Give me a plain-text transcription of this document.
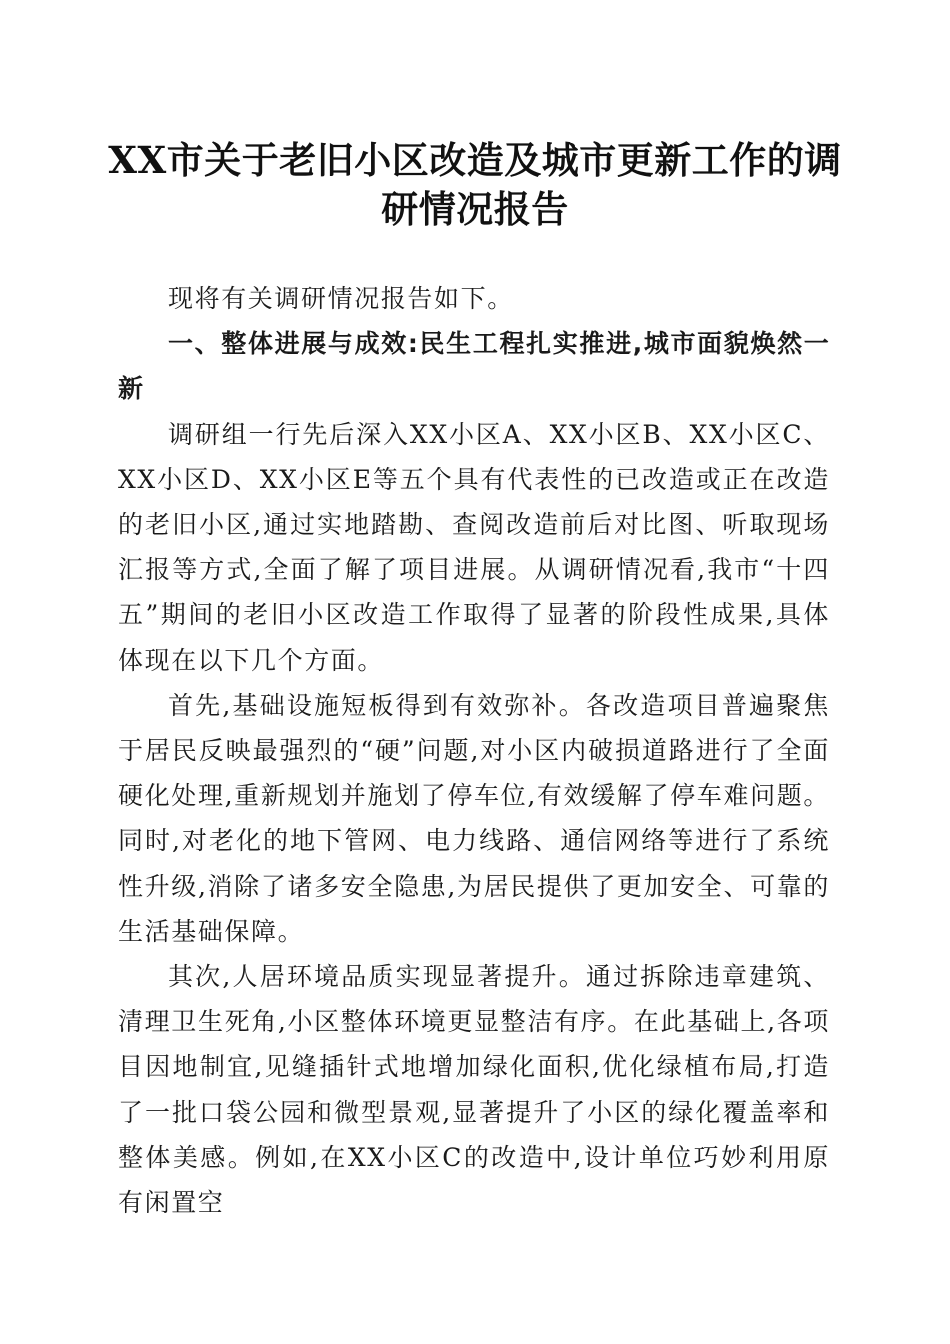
XX市关于老旧小区改造及城市更新工作的调研情况报告

现将有关调研情况报告如下。

一、整体进展与成效:民生工程扎实推进,城市面貌焕然一新

调研组一行先后深入XX小区A、XX小区B、XX小区C、XX小区D、XX小区E等五个具有代表性的已改造或正在改造的老旧小区,通过实地踏勘、查阅改造前后对比图、听取现场汇报等方式,全面了解了项目进展。从调研情况看,我市“十四五”期间的老旧小区改造工作取得了显著的阶段性成果,具体体现在以下几个方面。

首先,基础设施短板得到有效弥补。各改造项目普遍聚焦于居民反映最强烈的“硬”问题,对小区内破损道路进行了全面硬化处理,重新规划并施划了停车位,有效缓解了停车难问题。同时,对老化的地下管网、电力线路、通信网络等进行了系统性升级,消除了诸多安全隐患,为居民提供了更加安全、可靠的生活基础保障。

其次,人居环境品质实现显著提升。通过拆除违章建筑、清理卫生死角,小区整体环境更显整洁有序。在此基础上,各项目因地制宜,见缝插针式地增加绿化面积,优化绿植布局,打造了一批口袋公园和微型景观,显著提升了小区的绿化覆盖率和整体美感。例如,在XX小区C的改造中,设计单位巧妙利用原有闲置空
